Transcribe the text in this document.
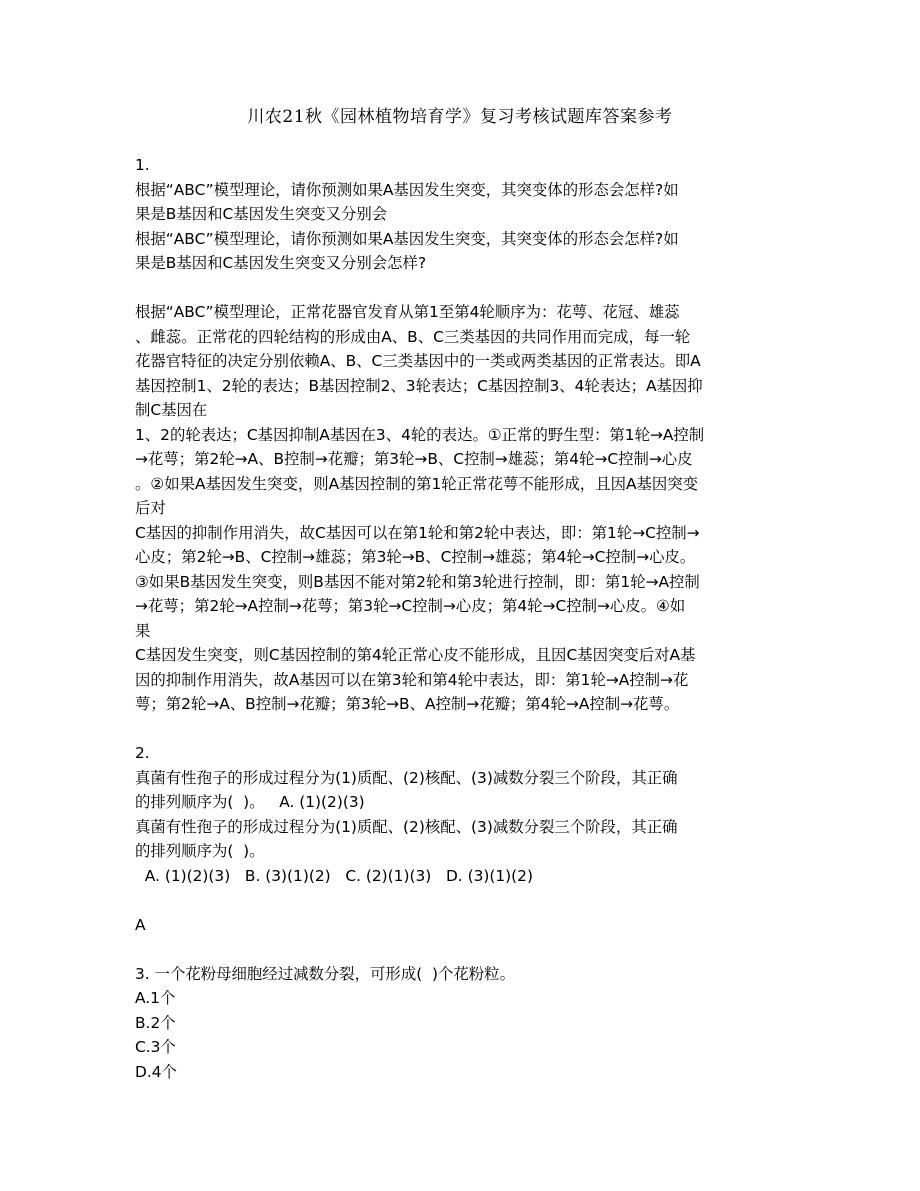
川农21秋《园林植物培育学》复习考核试题库答案参考
1.
根据“ABC”模型理论，请你预测如果A基因发生突变，其突变体的形态会怎样?如
果是B基因和C基因发生突变又分别会
根据“ABC”模型理论，请你预测如果A基因发生突变，其突变体的形态会怎样?如
果是B基因和C基因发生突变又分别会怎样?
根据“ABC”模型理论，正常花器官发育从第1至第4轮顺序为：花萼、花冠、雄蕊
、雌蕊。正常花的四轮结构的形成由A、B、C三类基因的共同作用而完成，每一轮
花器官特征的决定分别依赖A、B、C三类基因中的一类或两类基因的正常表达。即A
基因控制1、2轮的表达；B基因控制2、3轮表达；C基因控制3、4轮表达；A基因抑
制C基因在
1、2的轮表达；C基因抑制A基因在3、4轮的表达。①正常的野生型：第1轮→A控制
→花萼；第2轮→A、B控制→花瓣；第3轮→B、C控制→雄蕊；第4轮→C控制→心皮
。②如果A基因发生突变，则A基因控制的第1轮正常花萼不能形成，且因A基因突变
后对
C基因的抑制作用消失，故C基因可以在第1轮和第2轮中表达，即：第1轮→C控制→
心皮；第2轮→B、C控制→雄蕊；第3轮→B、C控制→雄蕊；第4轮→C控制→心皮。
③如果B基因发生突变，则B基因不能对第2轮和第3轮进行控制，即：第1轮→A控制
→花萼；第2轮→A控制→花萼；第3轮→C控制→心皮；第4轮→C控制→心皮。④如
果
C基因发生突变，则C基因控制的第4轮正常心皮不能形成，且因C基因突变后对A基
因的抑制作用消失，故A基因可以在第3轮和第4轮中表达，即：第1轮→A控制→花
萼；第2轮→A、B控制→花瓣；第3轮→B、A控制→花瓣；第4轮→A控制→花萼。
2.
真菌有性孢子的形成过程分为(1)质配、(2)核配、(3)减数分裂三个阶段，其正确
的排列顺序为(  )。   A. (1)(2)(3)
真菌有性孢子的形成过程分为(1)质配、(2)核配、(3)减数分裂三个阶段，其正确
的排列顺序为(  )。
A. (1)(2)(3)   B. (3)(1)(2)   C. (2)(1)(3)   D. (3)(1)(2)
A
3. 一个花粉母细胞经过减数分裂，可形成(  )个花粉粒。
A.1个
B.2个
C.3个
D.4个
